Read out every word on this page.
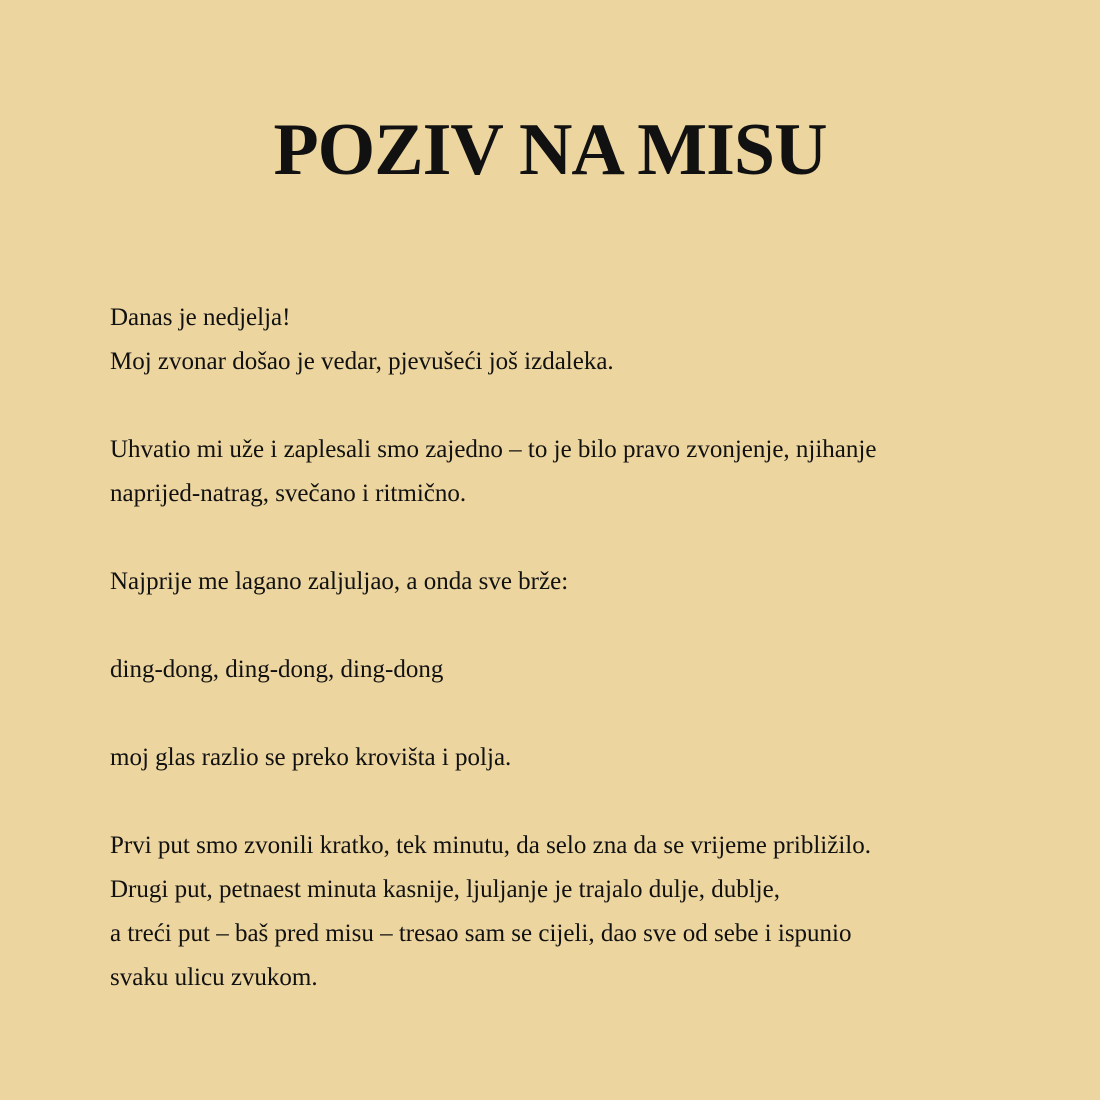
POZIV NA MISU

Danas je nedjelja!
Moj zvonar došao je vedar, pjevušeći još izdaleka.

Uhvatio mi uže i zaplesali smo zajedno – to je bilo pravo zvonjenje, njihanje
naprijed-natrag, svečano i ritmično.

Najprije me lagano zaljuljao, a onda sve brže:

ding-dong, ding-dong, ding-dong

moj glas razlio se preko krovišta i polja.

Prvi put smo zvonili kratko, tek minutu, da selo zna da se vrijeme približilo.
Drugi put, petnaest minuta kasnije, ljuljanje je trajalo dulje, dublje,
a treći put – baš pred misu – tresao sam se cijeli, dao sve od sebe i ispunio
svaku ulicu zvukom.
